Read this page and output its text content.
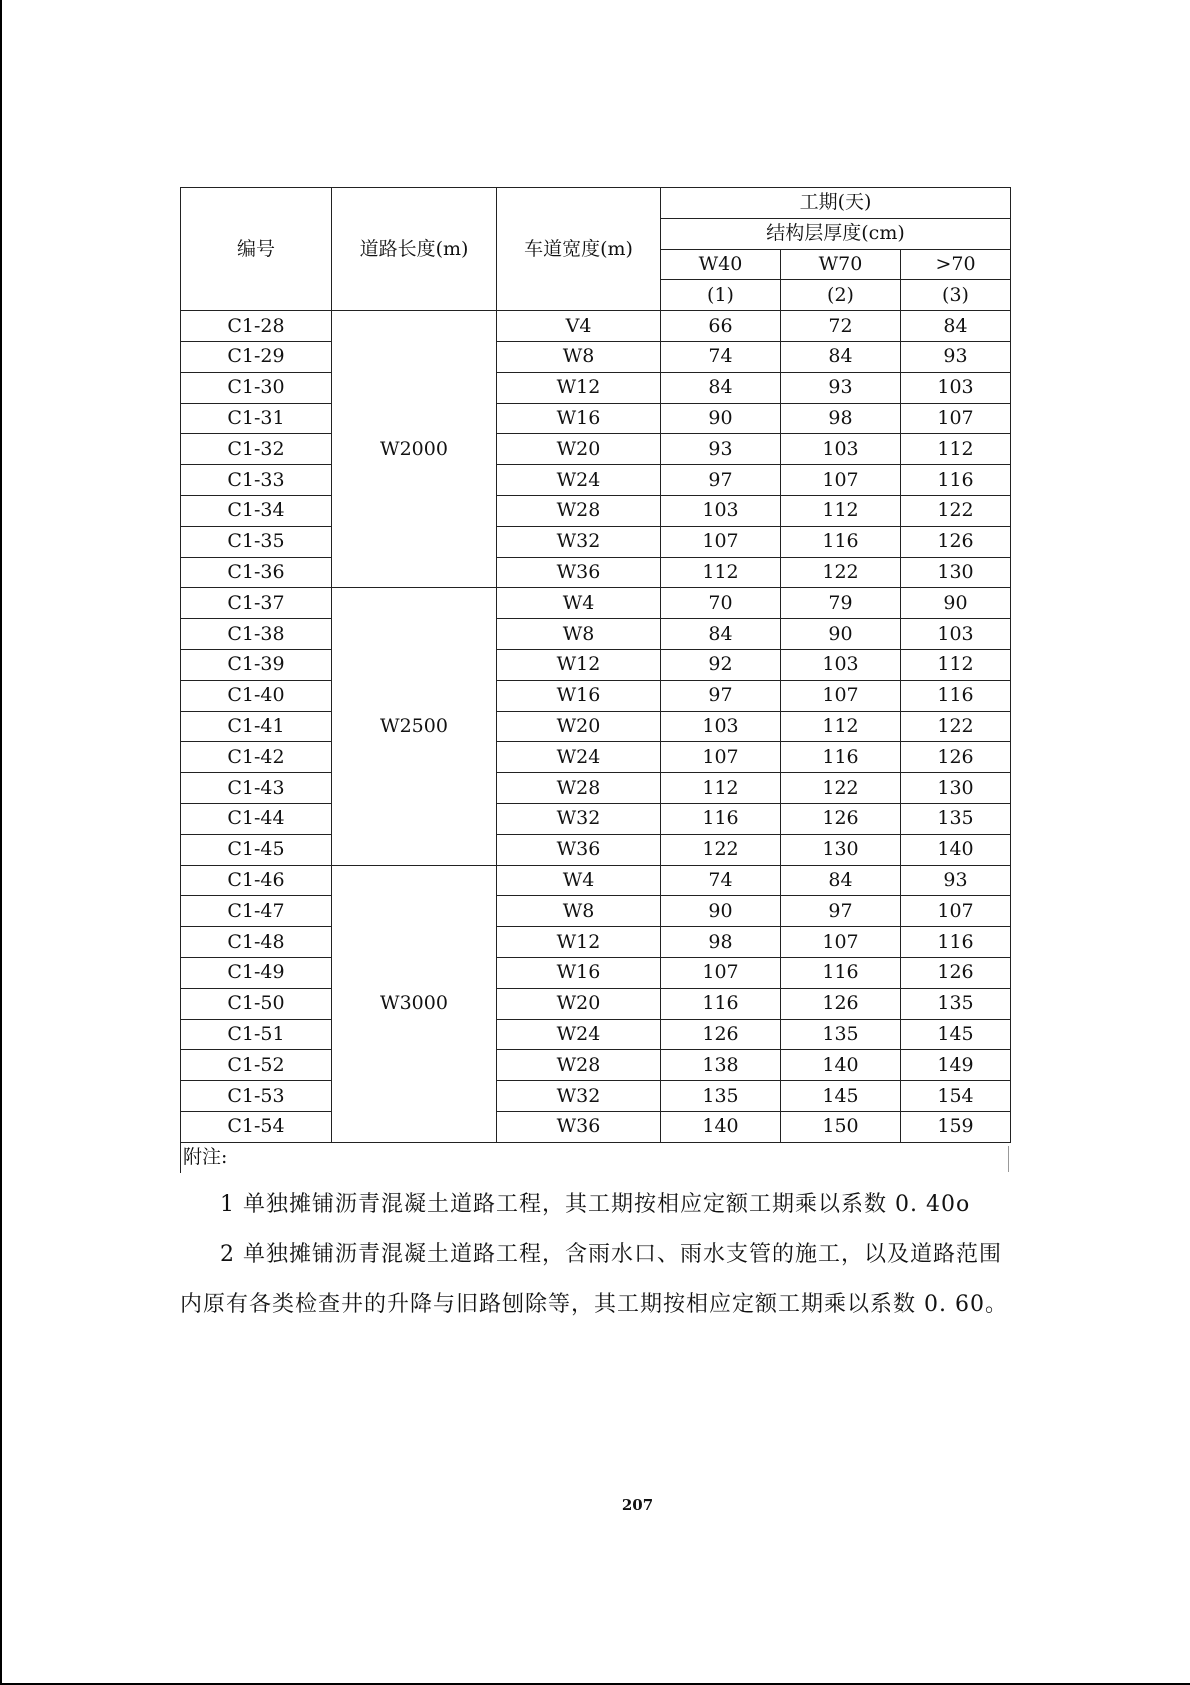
编号	道路长度(m)	车道宽度(m)	工期(天)		
			结构层厚度(cm)		
			W40	W70	>70
			(1)	(2)	(3)
C1-28	W2000	V4	66	72	84
C1-29		W8	74	84	93
C1-30		W12	84	93	103
C1-31		W16	90	98	107
C1-32		W20	93	103	112
C1-33		W24	97	107	116
C1-34		W28	103	112	122
C1-35		W32	107	116	126
C1-36		W36	112	122	130
C1-37	W2500	W4	70	79	90
C1-38		W8	84	90	103
C1-39		W12	92	103	112
C1-40		W16	97	107	116
C1-41		W20	103	112	122
C1-42		W24	107	116	126
C1-43		W28	112	122	130
C1-44		W32	116	126	135
C1-45		W36	122	130	140
C1-46	W3000	W4	74	84	93
C1-47		W8	90	97	107
C1-48		W12	98	107	116
C1-49		W16	107	116	126
C1-50		W20	116	126	135
C1-51		W24	126	135	145
C1-52		W28	138	140	149
C1-53		W32	135	145	154
C1-54		W36	140	150	159
附注:					

1 单独摊铺沥青混凝土道路工程，其工期按相应定额工期乘以系数 0. 40o

2 单独摊铺沥青混凝土道路工程，含雨水口、雨水支管的施工，以及道路范围内原有各类检查井的升降与旧路刨除等，其工期按相应定额工期乘以系数 0. 60。

207
